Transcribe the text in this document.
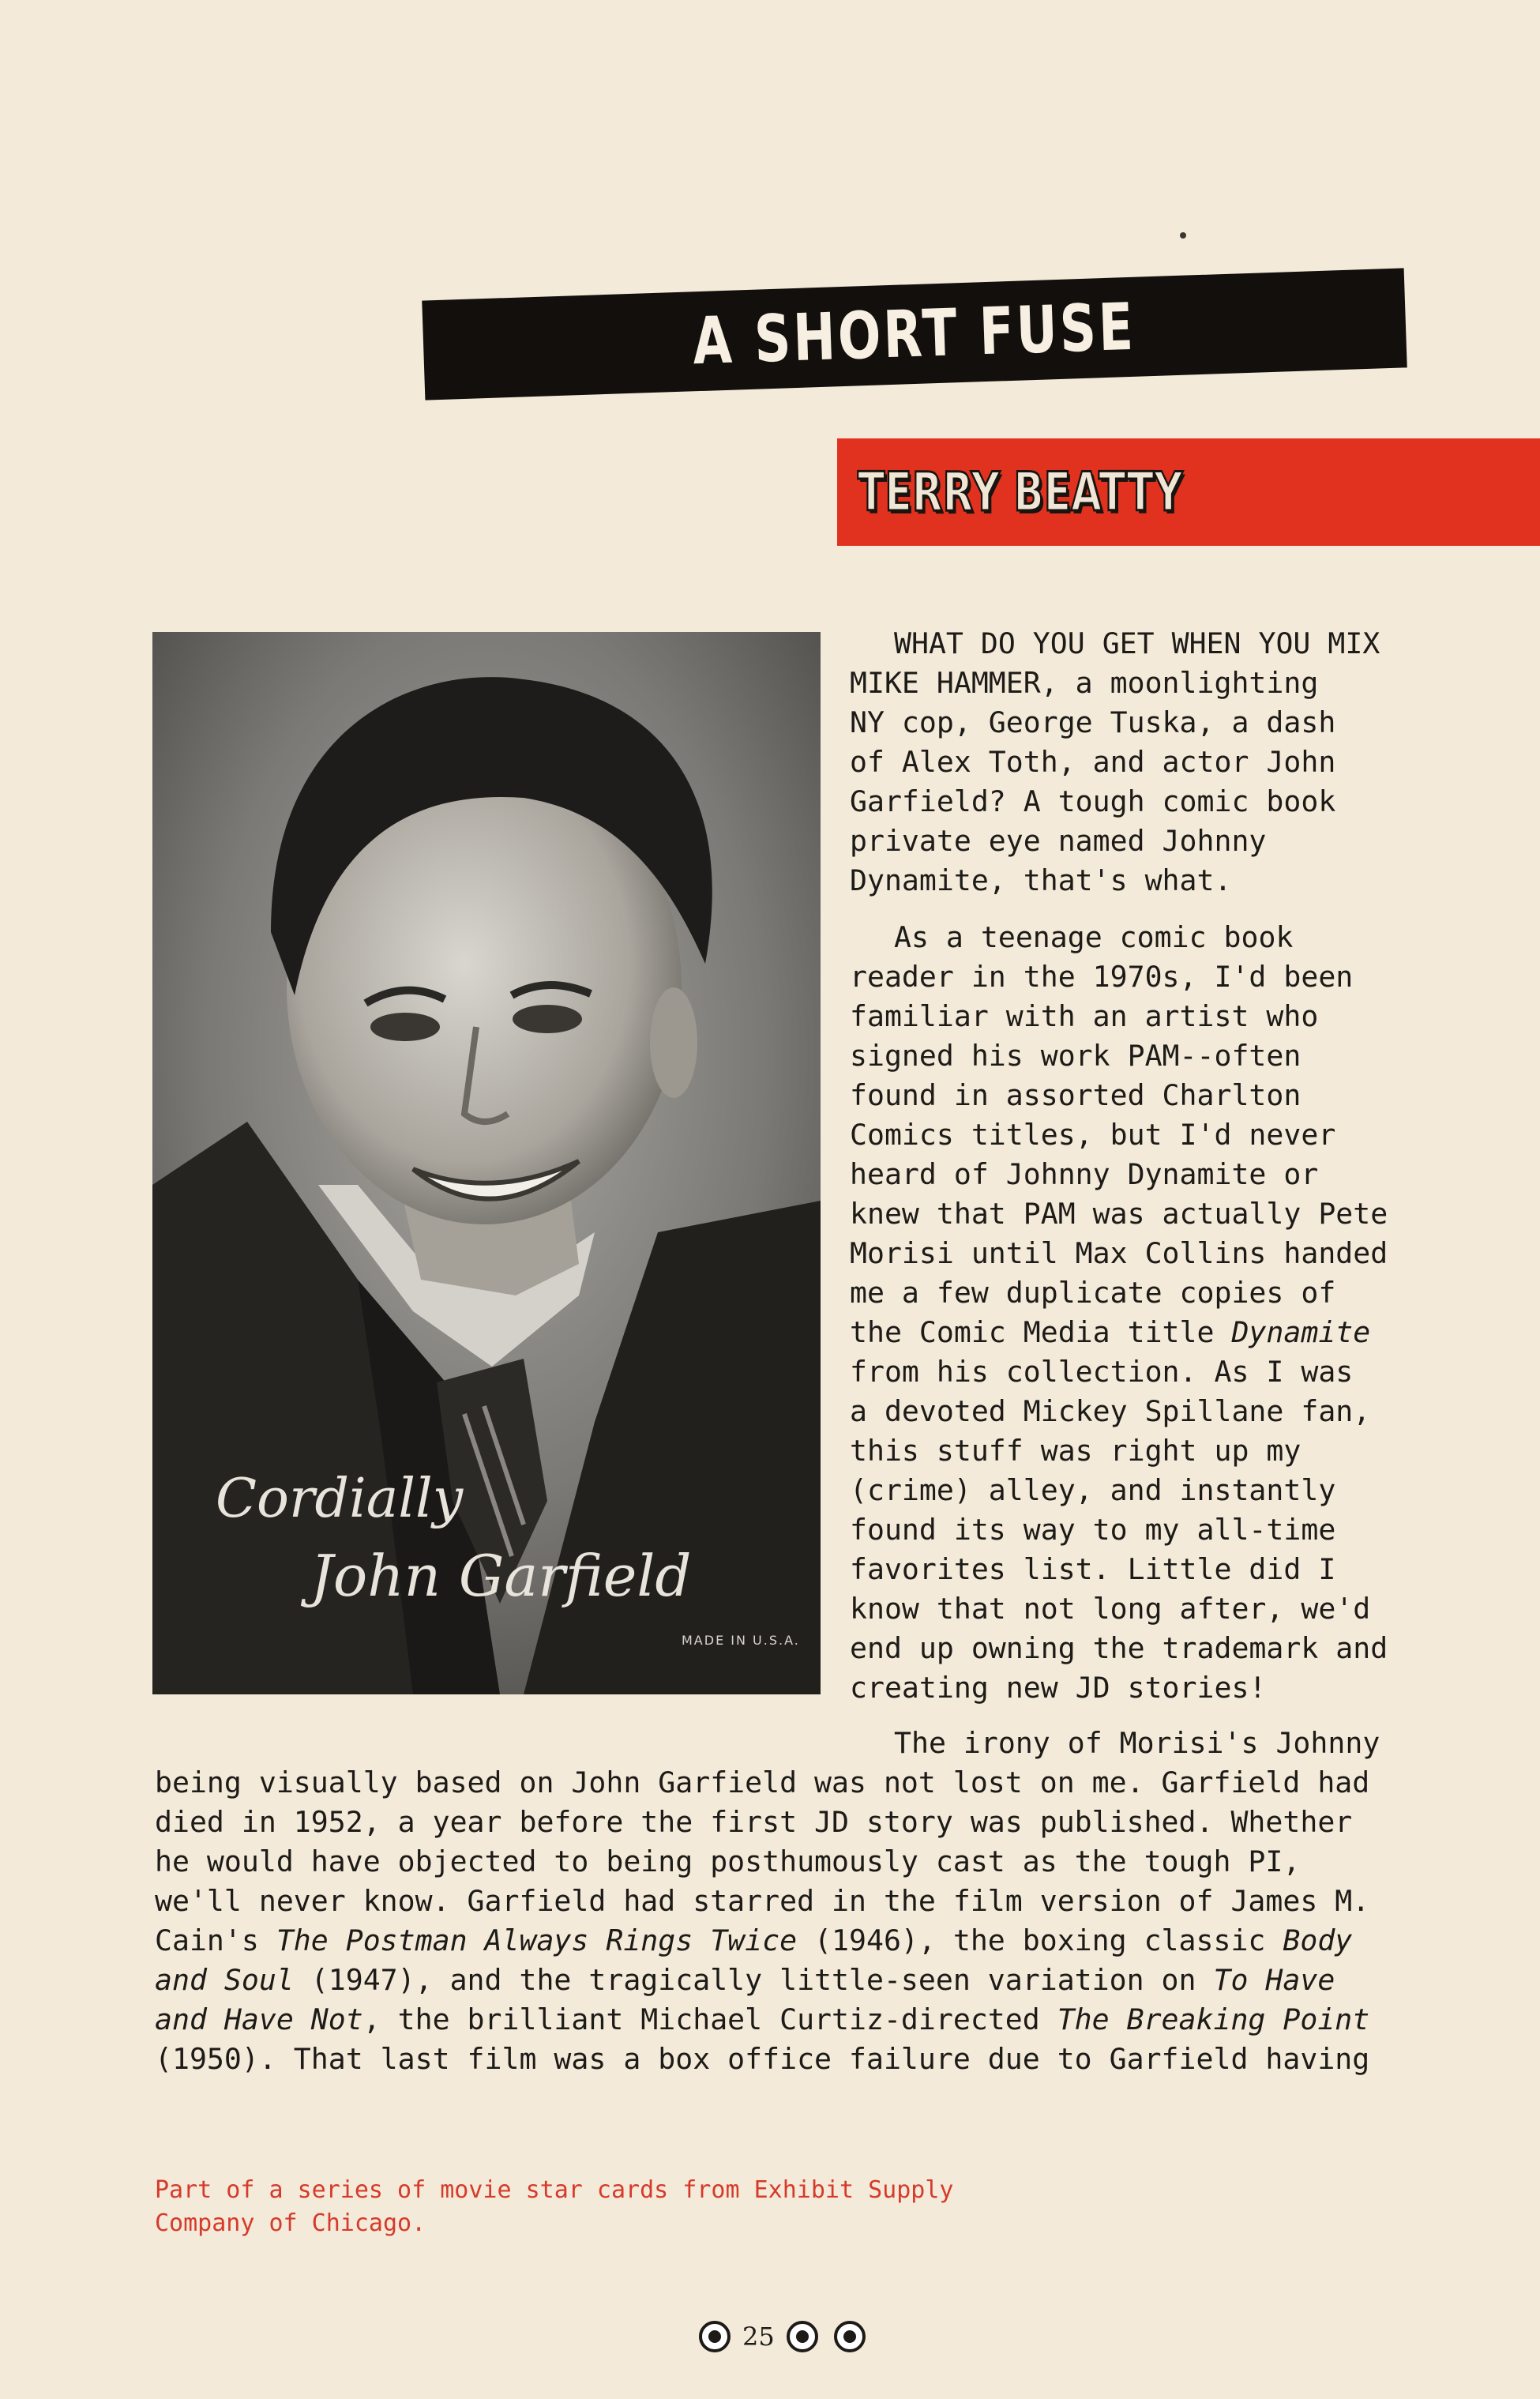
A SHORT FUSE
TERRY BEATTY
Cordially
John Garfield
MADE IN U.S.A.
WHAT DO YOU GET WHEN YOU MIX
MIKE HAMMER, a moonlighting
NY cop, George Tuska, a dash
of Alex Toth, and actor John
Garfield? A tough comic book
private eye named Johnny
Dynamite, that's what.
As a teenage comic book
reader in the 1970s, I'd been
familiar with an artist who
signed his work PAM--often
found in assorted Charlton
Comics titles, but I'd never
heard of Johnny Dynamite or
knew that PAM was actually Pete
Morisi until Max Collins handed
me a few duplicate copies of
the Comic Media title Dynamite
from his collection. As I was
a devoted Mickey Spillane fan,
this stuff was right up my
(crime) alley, and instantly
found its way to my all-time
favorites list. Little did I
know that not long after, we'd
end up owning the trademark and
creating new JD stories!
The irony of Morisi's Johnny
being visually based on John Garfield was not lost on me. Garfield had
died in 1952, a year before the first JD story was published. Whether
he would have objected to being posthumously cast as the tough PI,
we'll never know. Garfield had starred in the film version of James M.
Cain's The Postman Always Rings Twice (1946), the boxing classic Body
and Soul (1947), and the tragically little-seen variation on To Have
and Have Not, the brilliant Michael Curtiz-directed The Breaking Point
(1950). That last film was a box office failure due to Garfield having
Part of a series of movie star cards from Exhibit Supply
Company of Chicago.
25
